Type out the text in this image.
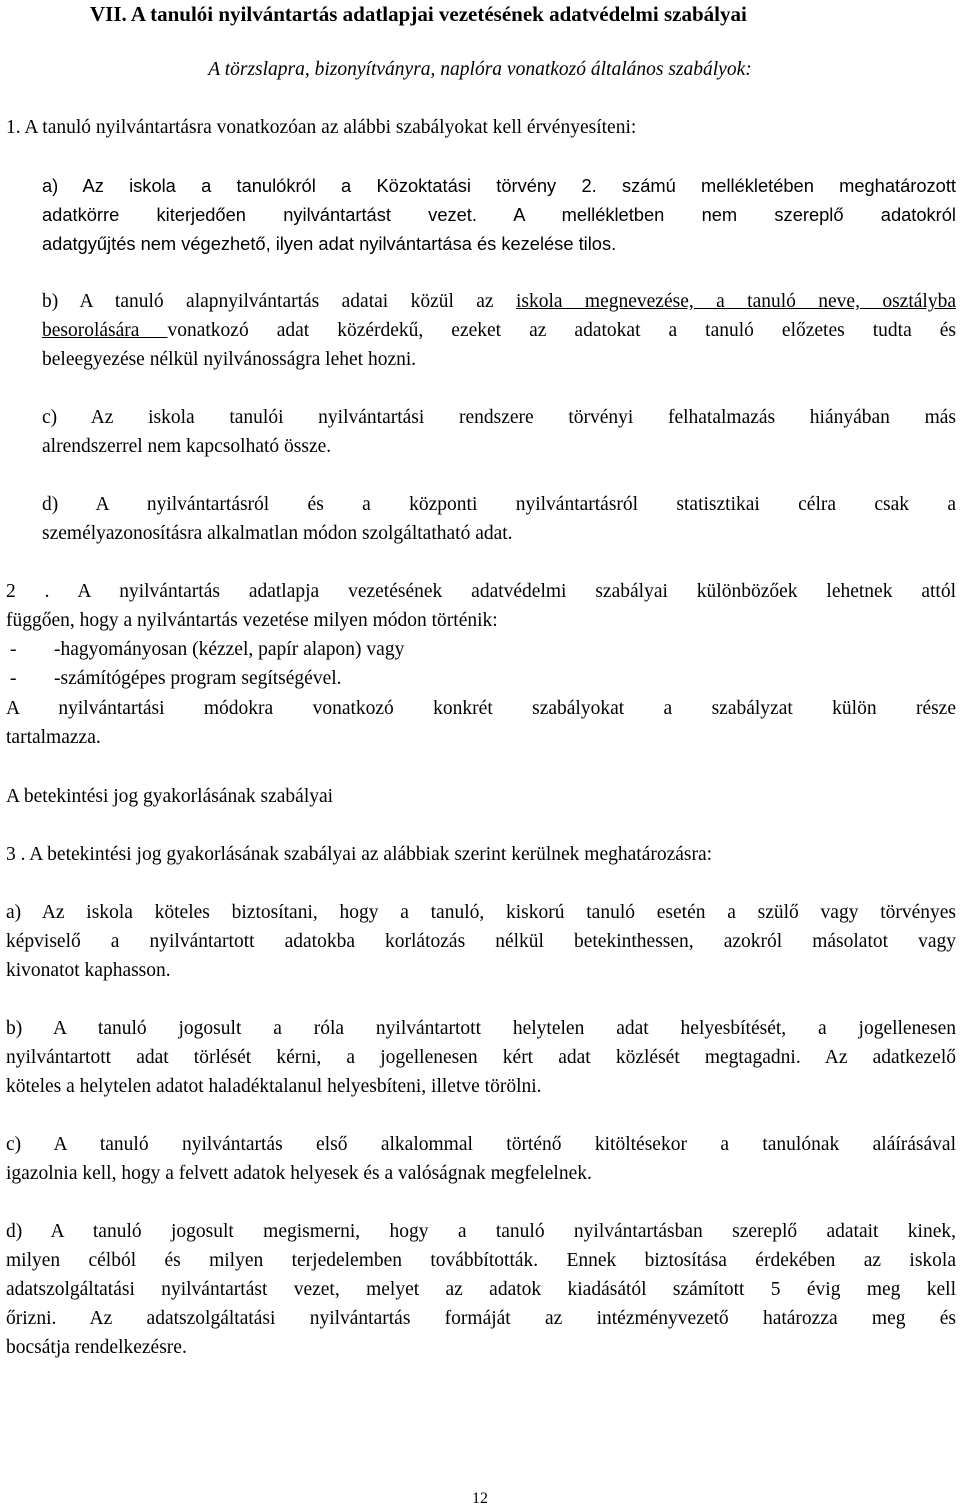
VII. A tanulói nyilvántartás adatlapjai vezetésének adatvédelmi szabályai
A törzslapra, bizonyítványra, naplóra vonatkozó általános szabályok:
1. A tanuló nyilvántartásra vonatkozóan az alábbi szabályokat kell érvényesíteni:
a) Az iskola a tanulókról a Közoktatási törvény 2. számú mellékletében meghatározott
adatkörre kiterjedően nyilvántartást vezet. A mellékletben nem szereplő adatokról
adatgyűjtés nem végezhető, ilyen adat nyilvántartása és kezelése tilos.
b) A tanuló alapnyilvántartás adatai közül az iskola megnevezése, a tanuló neve, osztályba
besorolására vonatkozó adat közérdekű, ezeket az adatokat a tanuló előzetes tudta és
beleegyezése nélkül nyilvánosságra lehet hozni.
c) Az iskola tanulói nyilvántartási rendszere törvényi felhatalmazás hiányában más
alrendszerrel nem kapcsolható össze.
d) A nyilvántartásról és a központi nyilvántartásról statisztikai célra csak a
személyazonosításra alkalmatlan módon szolgáltatható adat.
2 . A nyilvántartás adatlapja vezetésének adatvédelmi szabályai különbözőek lehetnek attól
függően, hogy a nyilvántartás vezetése milyen módon történik:
- -hagyományosan (kézzel, papír alapon) vagy
- -számítógépes program segítségével.
A nyilvántartási módokra vonatkozó konkrét szabályokat a szabályzat külön része
tartalmazza.
A betekintési jog gyakorlásának szabályai
3 . A betekintési jog gyakorlásának szabályai az alábbiak szerint kerülnek meghatározásra:
a) Az iskola köteles biztosítani, hogy a tanuló, kiskorú tanuló esetén a szülő vagy törvényes
képviselő a nyilvántartott adatokba korlátozás nélkül betekinthessen, azokról másolatot vagy
kivonatot kaphasson.
b) A tanuló jogosult a róla nyilvántartott helytelen adat helyesbítését, a jogellenesen
nyilvántartott adat törlését kérni, a jogellenesen kért adat közlését megtagadni. Az adatkezelő
köteles a helytelen adatot haladéktalanul helyesbíteni, illetve törölni.
c) A tanuló nyilvántartás első alkalommal történő kitöltésekor a tanulónak aláírásával
igazolnia kell, hogy a felvett adatok helyesek és a valóságnak megfelelnek.
d) A tanuló jogosult megismerni, hogy a tanuló nyilvántartásban szereplő adatait kinek,
milyen célból és milyen terjedelemben továbbították. Ennek biztosítása érdekében az iskola
adatszolgáltatási nyilvántartást vezet, melyet az adatok kiadásától számított 5 évig meg kell
őrizni. Az adatszolgáltatási nyilvántartás formáját az intézményvezető határozza meg és
bocsátja rendelkezésre.
12
